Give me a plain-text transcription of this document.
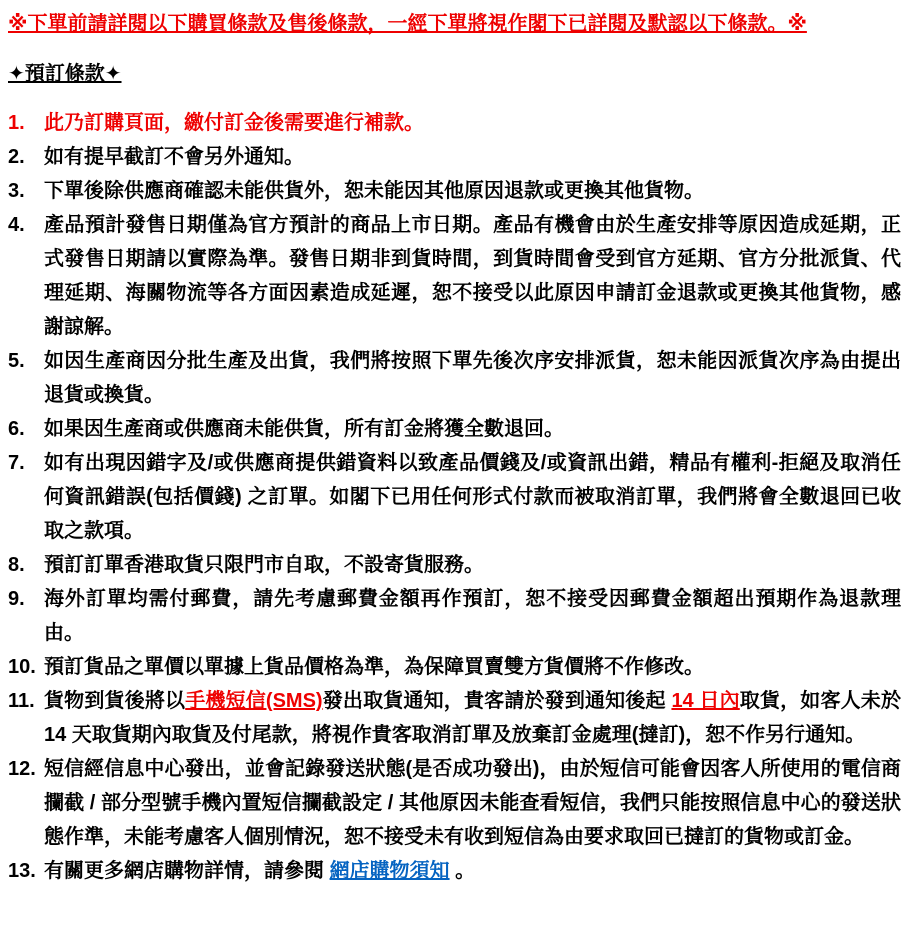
※下單前請詳閱以下購買條款及售後條款，一經下單將視作閣下已詳閱及默認以下條款。※

✦預訂條款✦
1. 此乃訂購頁面，繳付訂金後需要進行補款。
2. 如有提早截訂不會另外通知。
3. 下單後除供應商確認未能供貨外，恕未能因其他原因退款或更換其他貨物。
4. 產品預計發售日期僅為官方預計的商品上市日期。產品有機會由於生產安排等原因造成延期，正式發售日期請以實際為準。發售日期非到貨時間，到貨時間會受到官方延期、官方分批派貨、代理延期、海關物流等各方面因素造成延遲，恕不接受以此原因申請訂金退款或更換其他貨物，感謝諒解。
5. 如因生產商因分批生產及出貨，我們將按照下單先後次序安排派貨，恕未能因派貨次序為由提出退貨或換貨。
6. 如果因生產商或供應商未能供貨，所有訂金將獲全數退回。
7. 如有出現因錯字及/或供應商提供錯資料以致產品價錢及/或資訊出錯，精品有權利-拒絕及取消任何資訊錯誤(包括價錢) 之訂單。如閣下已用任何形式付款而被取消訂單，我們將會全數退回已收取之款項。
8. 預訂訂單香港取貨只限門市自取，不設寄貨服務。
9. 海外訂單均需付郵費，請先考慮郵費金額再作預訂，恕不接受因郵費金額超出預期作為退款理由。
10. 預訂貨品之單價以單據上貨品價格為準，為保障買賣雙方貨價將不作修改。
11. 貨物到貨後將以手機短信(SMS)發出取貨通知，貴客請於發到通知後起 14 日內取貨，如客人未於 14 天取貨期內取貨及付尾款，將視作貴客取消訂單及放棄訂金處理(撻訂)，恕不作另行通知。
12. 短信經信息中心發出，並會記錄發送狀態(是否成功發出)，由於短信可能會因客人所使用的電信商攔截 / 部分型號手機內置短信攔截設定 / 其他原因未能查看短信，我們只能按照信息中心的發送狀態作準，未能考慮客人個別情況，恕不接受未有收到短信為由要求取回已撻訂的貨物或訂金。
13. 有關更多網店購物詳情，請參閱 網店購物須知 。
